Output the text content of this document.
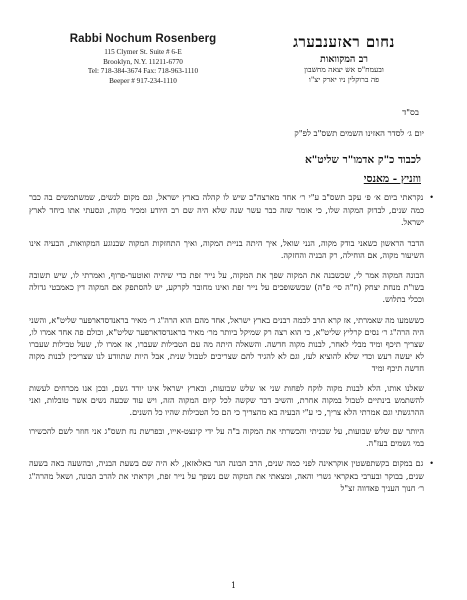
Rabbi Nochum Rosenberg
115 Clymer St. Suite # 6-E
Brooklyn, N.Y. 11211-6770
Tel: 718-384-3674 Fax: 718-963-1110
Beeper # 917-234-1110
נחום ראזענבערג
רב המקוואות
ובעמח"ס אש יצאה מחשבון
פה ברוקלין ניו יארק יצ"ו
בס"ד
יום ג׳ לסדר האזינו השמים תשס"ב לפ"ק
לכבוד כ"ק אדמו"ר שליט"א
ווזניץ - מאנסי

• נקראתי ביום א׳ פ׳ עקב תשס"ב ע"י ר׳ אחד מארצה"ב שיש לו קהלה בארץ ישראל, וגם מקום לנשים, שמשתמשים בה כבר כמה שנים, לבדוק המקוה שלו, כי אומר שזה כבר עשר שנה שלא היה שם רב היודע ומכיר מקוה, ונסעתי אתו ביחד לארץ ישראל.

הדבר הראשון כשאני בודק מקוה, הנני שואל, איך היתה בניית המקוה, ואיך התחזקות המקוה שבנוגע המקוואות, הבעיה אינו השיעור מקוה, אם הוחילה, רק הבניה והחזקה.

הבונה המקוה אמר לי, שכשבנה את המקוה שפך את המקוה, על נייר זפת כדי שיהיה ואוטער-פרוף, ואמרתי לו, שיש תשובה בשו"ת מנחת יצחק (ח"ה סי׳ פ"ה) שכששופכים על נייר זפת ואינו מחובר לקרקע, יש להסתפק אם המקוה דין כאמבטי גדולה וככלי בתלוש.

כששמעו מה שאמרתי, אז קרא הרב לכמה רבנים בארץ ישראל, אחד מהם הוא הרה"ג ר׳ מאיר בראנדסדארפער שליט"א, והשני היה הרה"ג ר׳ נסים קרליץ שליט"א, כי הוא רצה רק שמיקל ביותר מר׳ מאיר בראנדסדארפער שליט"א, וכולם פה אחד אמרו לו, שצריך תיכף ומיד מבלי לאחר, לבנות מקוה חדשה. והשאלה היתה מה עם הטבילות שעברו, אז אמרו לו, שעל טבילות שעברו לא יעשה רעש וכדי שלא להוציא לעז, וגם לא להגיד להם שצריכים לטבול שנית, אבל היות שתוודע לנו שצריכין לבנות מקוה חדשה תיכף ומיד

שאלנו אותו, הלא לבנות מקוה לוקח לפחות שני או שלש שבועות, ובארץ ישראל אינו יורד גשם, ובכן אנו מכרחים לעשות להשתמש בינתיים לטבול במקוה אחרת, והשיב דבר שקשה לכל קיום המקוה הזה, ויש עוד שבעה נשים אשר טובלות, ואני ההרגשתי וגם אמרתי הלא צריך, כי ע"י הבעיה בא מהצריך כי הם כל הטבילות שהיו כל השנים.

היותר שם שלש שבועות, על שבניתי והכשרתי את המקוה ב"ה על ידי קינצט-אייו, ובפרשת נח תשס"ג אני חוזר לשם להכשירו במי גשמים בעז"ה.

• גם במקום בקשתפשטין אוקראינה לפני כמה שנים, הרב הבונה הגר באלאזאן, לא היה שם בשעת הבניה, ובהשעה באה בשעה שנים, בבוקר ובערבי באקראי גשרי והאה, ומצאתי את המקוה שם נשפך על נייר זפת, וקראתי את להרב הבונה, ושאל מהרה"ג ר׳ חנוך העניך פאדווה זצ"ל

1
